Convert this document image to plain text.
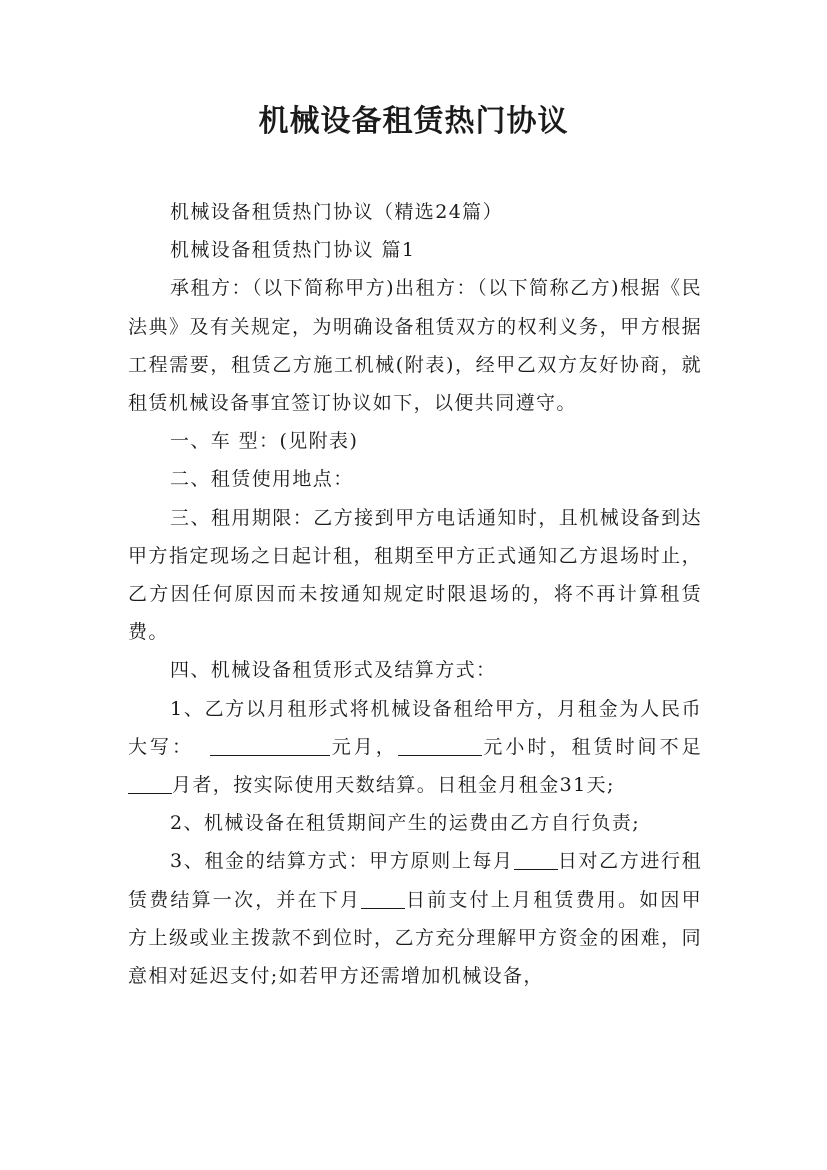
机械设备租赁热门协议

机械设备租赁热门协议（精选24篇）

机械设备租赁热门协议 篇1

承租方：（以下简称甲方)出租方：（以下简称乙方)根据《民法典》及有关规定，为明确设备租赁双方的权利义务，甲方根据工程需要，租赁乙方施工机械(附表)，经甲乙双方友好协商，就租赁机械设备事宜签订协议如下，以便共同遵守。

一、车 型：(见附表)

二、租赁使用地点：

三、租用期限：乙方接到甲方电话通知时，且机械设备到达甲方指定现场之日起计租，租期至甲方正式通知乙方退场时止，乙方因任何原因而未按通知规定时限退场的，将不再计算租赁费。

四、机械设备租赁形式及结算方式：

1、乙方以月租形式将机械设备租给甲方，月租金为人民币大写：	元月，	元小时，租赁时间不足月者，按实际使用天数结算。日租金月租金31天;

2、机械设备在租赁期间产生的运费由乙方自行负责;

3、租金的结算方式：甲方原则上每月 日对乙方进行租赁费结算一次，并在下月 日前支付上月租赁费用。如因甲方上级或业主拨款不到位时，乙方充分理解甲方资金的困难，同意相对延迟支付;如若甲方还需增加机械设备，
